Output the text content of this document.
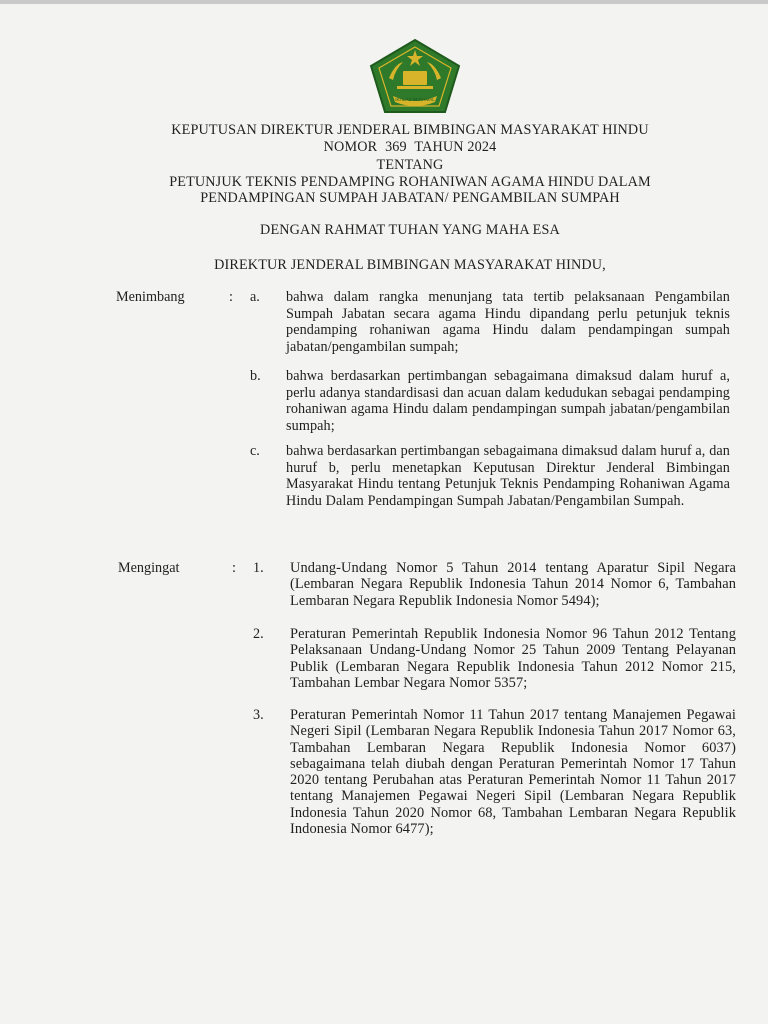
IKHLAS BERAMAL
KEPUTUSAN DIREKTUR JENDERAL BIMBINGAN MASYARAKAT HINDU
NOMOR 369 TAHUN 2024
TENTANG
PETUNJUK TEKNIS PENDAMPING ROHANIWAN AGAMA HINDU DALAM
PENDAMPINGAN SUMPAH JABATAN/ PENGAMBILAN SUMPAH
DENGAN RAHMAT TUHAN YANG MAHA ESA
DIREKTUR JENDERAL BIMBINGAN MASYARAKAT HINDU,
Menimbang	: a. bahwa dalam rangka menunjang tata tertib pelaksanaan Pengambilan Sumpah Jabatan secara agama Hindu dipandang perlu petunjuk teknis pendamping rohaniwan agama Hindu dalam pendampingan sumpah jabatan/pengambilan sumpah;
b. bahwa berdasarkan pertimbangan sebagaimana dimaksud dalam huruf a, perlu adanya standardisasi dan acuan dalam kedudukan sebagai pendamping rohaniwan agama Hindu dalam pendampingan sumpah jabatan/pengambilan sumpah;
c. bahwa berdasarkan pertimbangan sebagaimana dimaksud dalam huruf a, dan huruf b, perlu menetapkan Keputusan Direktur Jenderal Bimbingan Masyarakat Hindu tentang Petunjuk Teknis Pendamping Rohaniwan Agama Hindu Dalam Pendampingan Sumpah Jabatan/Pengambilan Sumpah.
Mengingat	: 1. Undang-Undang Nomor 5 Tahun 2014 tentang Aparatur Sipil Negara (Lembaran Negara Republik Indonesia Tahun 2014 Nomor 6, Tambahan Lembaran Negara Republik Indonesia Nomor 5494);
2. Peraturan Pemerintah Republik Indonesia Nomor 96 Tahun 2012 Tentang Pelaksanaan Undang-Undang Nomor 25 Tahun 2009 Tentang Pelayanan Publik (Lembaran Negara Republik Indonesia Tahun 2012 Nomor 215, Tambahan Lembar Negara Nomor 5357;
3. Peraturan Pemerintah Nomor 11 Tahun 2017 tentang Manajemen Pegawai Negeri Sipil (Lembaran Negara Republik Indonesia Tahun 2017 Nomor 63, Tambahan Lembaran Negara Republik Indonesia Nomor 6037) sebagaimana telah diubah dengan Peraturan Pemerintah Nomor 17 Tahun 2020 tentang Perubahan atas Peraturan Pemerintah Nomor 11 Tahun 2017 tentang Manajemen Pegawai Negeri Sipil (Lembaran Negara Republik Indonesia Tahun 2020 Nomor 68, Tambahan Lembaran Negara Republik Indonesia Nomor 6477);
